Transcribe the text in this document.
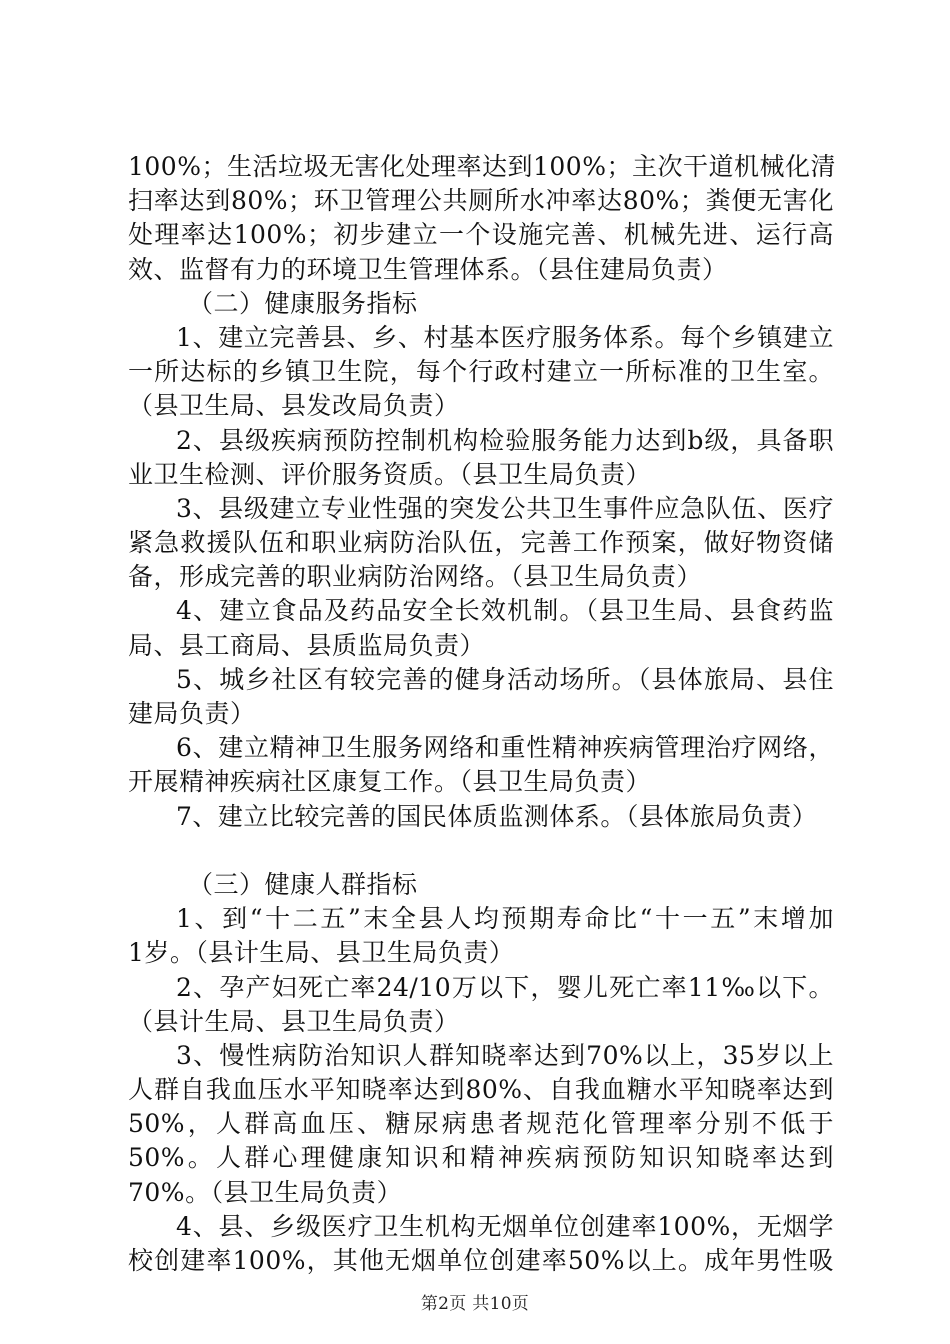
100%；生活垃圾无害化处理率达到100%；主次干道机械化清
扫率达到80%；环卫管理公共厕所水冲率达80%；粪便无害化
处理率达100%；初步建立一个设施完善、机械先进、运行高
效、监督有力的环境卫生管理体系。（县住建局负责）
（二）健康服务指标
1、建立完善县、乡、村基本医疗服务体系。每个乡镇建立
一所达标的乡镇卫生院，每个行政村建立一所标准的卫生室。
（县卫生局、县发改局负责）
2、县级疾病预防控制机构检验服务能力达到b级，具备职
业卫生检测、评价服务资质。（县卫生局负责）
3、县级建立专业性强的突发公共卫生事件应急队伍、医疗
紧急救援队伍和职业病防治队伍，完善工作预案，做好物资储
备，形成完善的职业病防治网络。（县卫生局负责）
4、建立食品及药品安全长效机制。（县卫生局、县食药监
局、县工商局、县质监局负责）
5、城乡社区有较完善的健身活动场所。（县体旅局、县住
建局负责）
6、建立精神卫生服务网络和重性精神疾病管理治疗网络，
开展精神疾病社区康复工作。（县卫生局负责）
7、建立比较完善的国民体质监测体系。（县体旅局负责）
（三）健康人群指标
1、到“十二五”末全县人均预期寿命比“十一五”末增加
1岁。（县计生局、县卫生局负责）
2、孕产妇死亡率24/10万以下，婴儿死亡率11‰以下。
（县计生局、县卫生局负责）
3、慢性病防治知识人群知晓率达到70%以上，35岁以上
人群自我血压水平知晓率达到80%、自我血糖水平知晓率达到
50%，人群高血压、糖尿病患者规范化管理率分别不低于
50%。人群心理健康知识和精神疾病预防知识知晓率达到
70%。（县卫生局负责）
4、县、乡级医疗卫生机构无烟单位创建率100%，无烟学
校创建率100%，其他无烟单位创建率50%以上。成年男性吸
第2页 共10页
